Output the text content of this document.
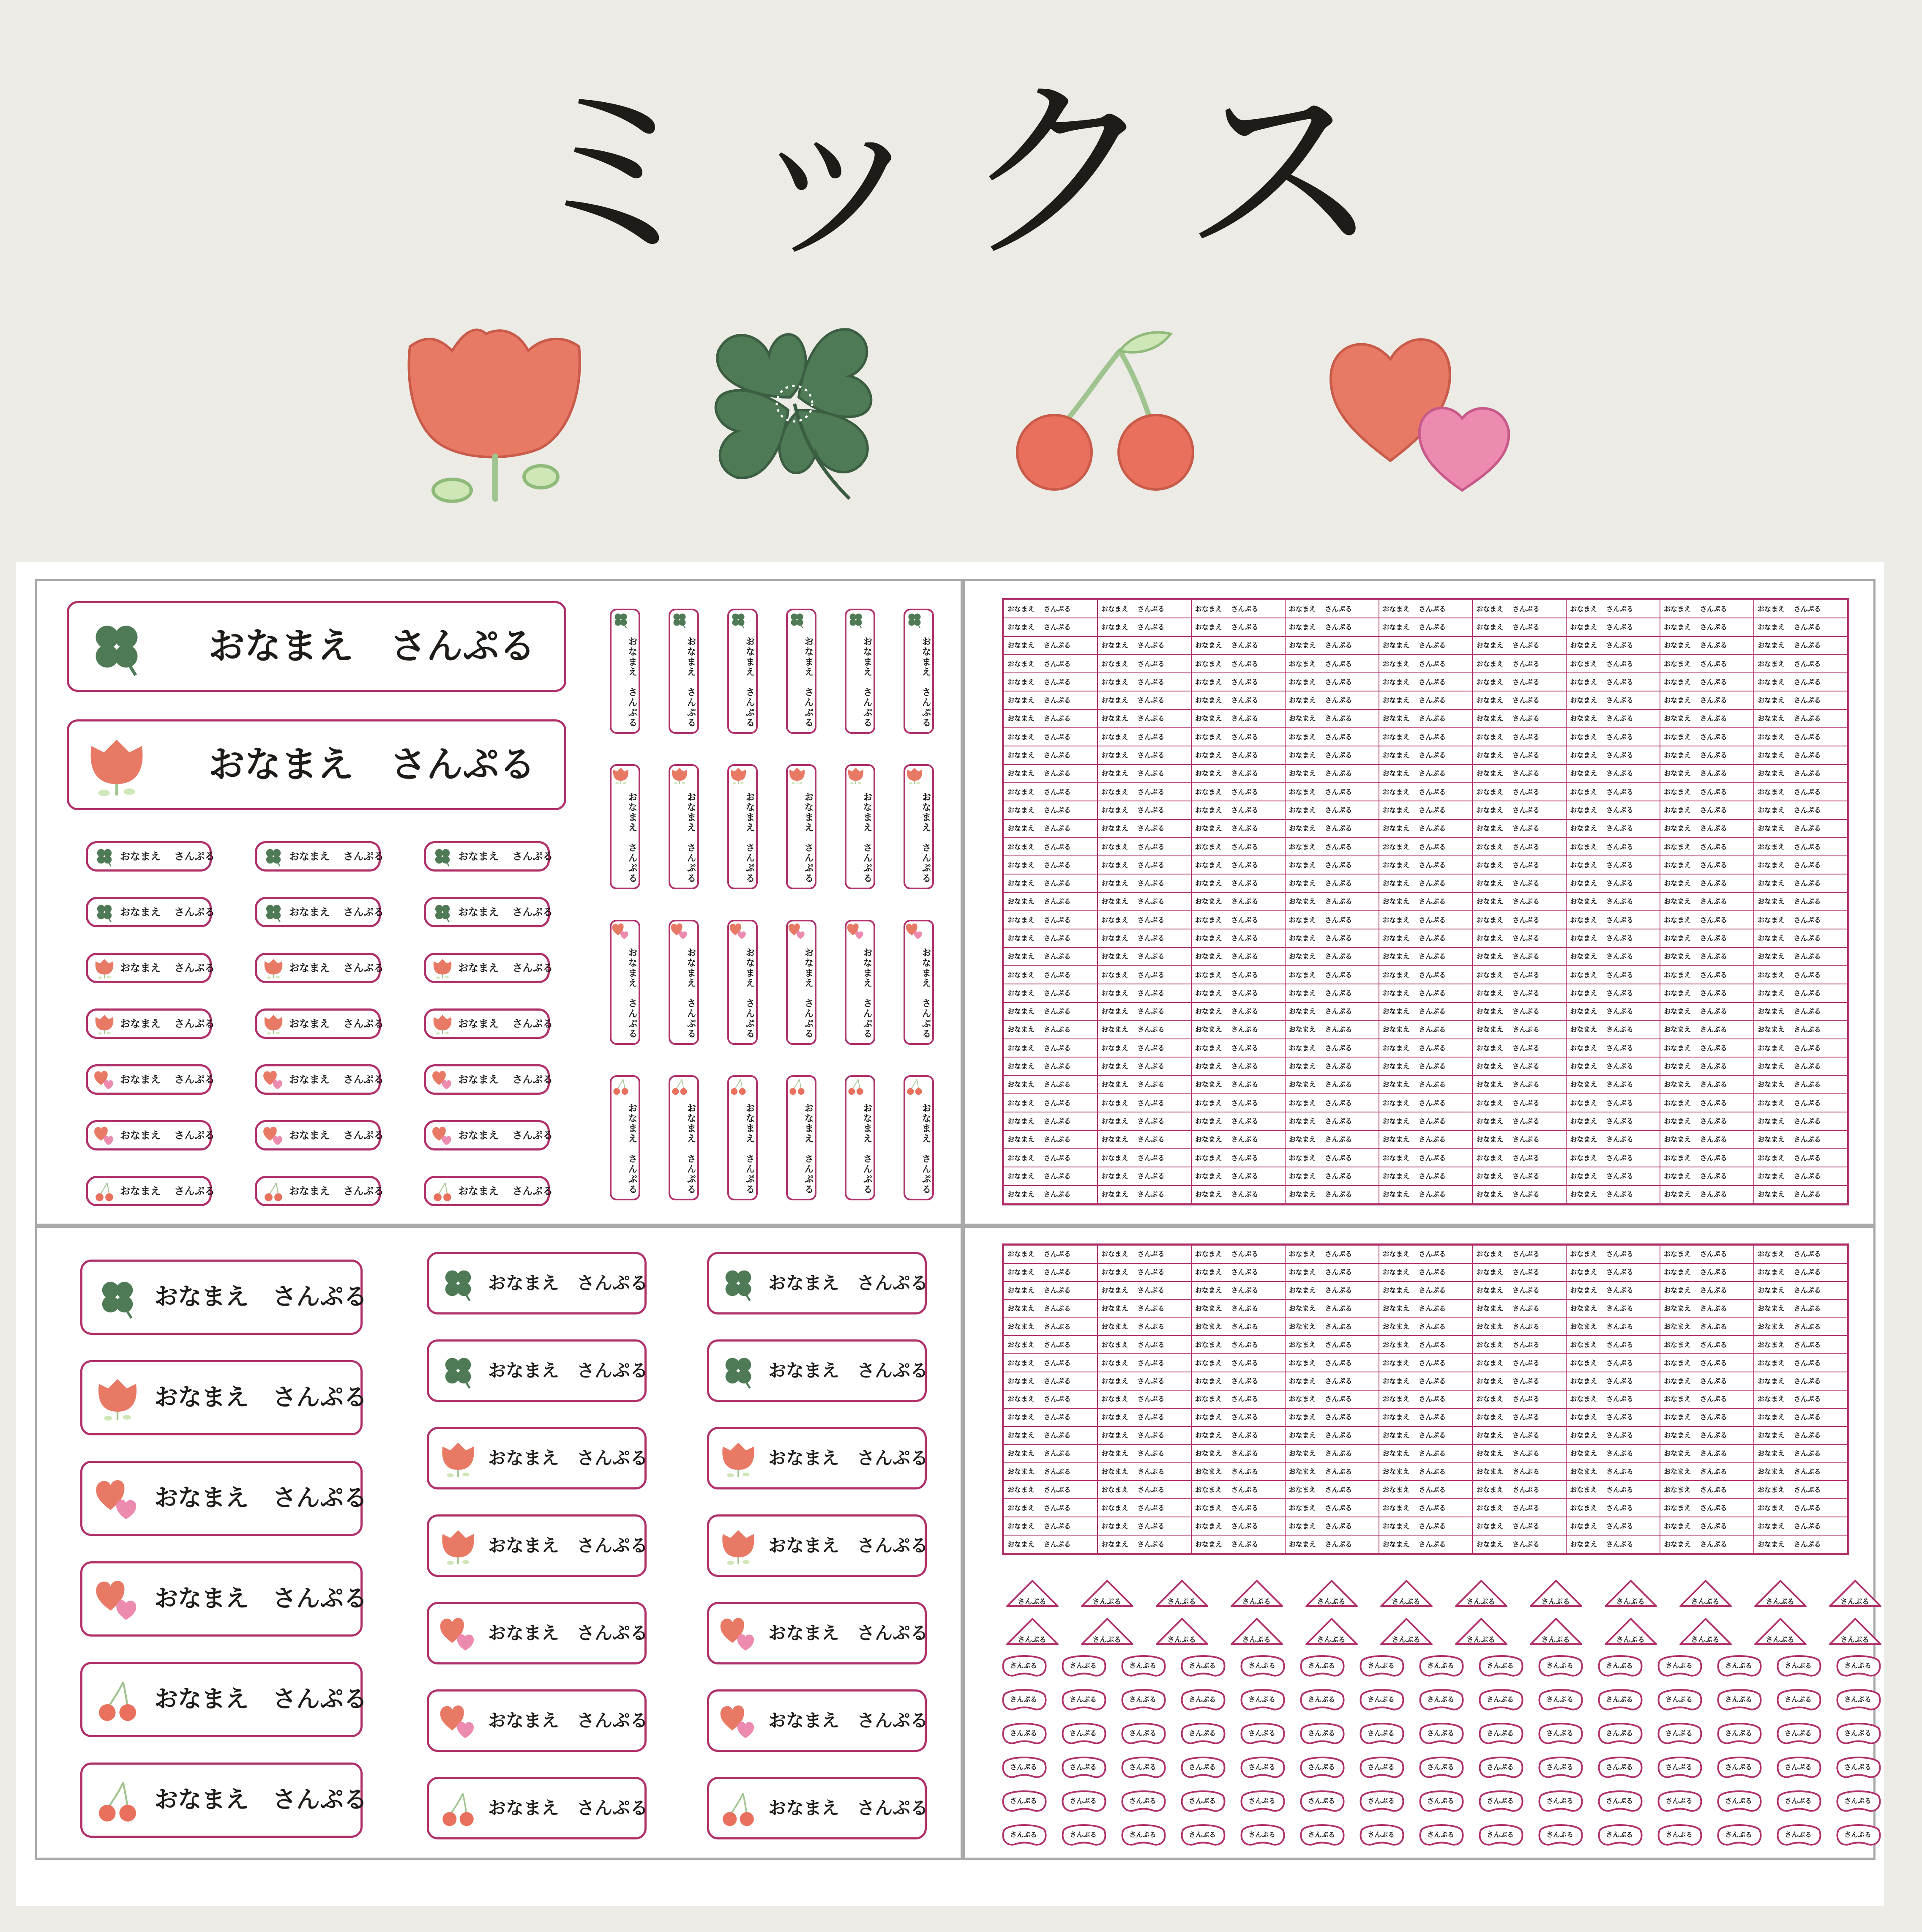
ミックス
おなまえ　さんぷる
おなまえ　さんぷる
おなまえ　 さんぷる	おなまえ　 さんぷる	おなまえ　 さんぷる
おなまえ　 さんぷる	おなまえ　 さんぷる	おなまえ　 さんぷる
おなまえ　 さんぷる	おなまえ　 さんぷる	おなまえ　 さんぷる
おなまえ　 さんぷる	おなまえ　 さんぷる	おなまえ　 さんぷる
おなまえ　 さんぷる	おなまえ　 さんぷる	おなまえ　 さんぷる
おなまえ　 さんぷる	おなまえ　 さんぷる	おなまえ　 さんぷる
おなまえ　 さんぷる	おなまえ　 さんぷる	おなまえ　 さんぷる
おなまえ　さんぷる	おなまえ　さんぷる	おなまえ　さんぷる	おなまえ　さんぷる	おなまえ　さんぷる	おなまえ　さんぷる
おなまえ　さんぷる	おなまえ　さんぷる	おなまえ　さんぷる	おなまえ　さんぷる	おなまえ　さんぷる	おなまえ　さんぷる
おなまえ　さんぷる	おなまえ　さんぷる	おなまえ　さんぷる	おなまえ　さんぷる	おなまえ　さんぷる	おなまえ　さんぷる
おなまえ　さんぷる	おなまえ　さんぷる	おなまえ　さんぷる	おなまえ　さんぷる	おなまえ　さんぷる	おなまえ　さんぷる
おなまえ　さんぷる
おなまえ　さんぷる
おなまえ　さんぷる
おなまえ　さんぷる
おなまえ　さんぷる
おなまえ　さんぷる
おなまえ　さんぷる	おなまえ　さんぷる
おなまえ　さんぷる	おなまえ　さんぷる
おなまえ　さんぷる	おなまえ　さんぷる
おなまえ　さんぷる	おなまえ　さんぷる
おなまえ　さんぷる	おなまえ　さんぷる
おなまえ　さんぷる	おなまえ　さんぷる
おなまえ　さんぷる	おなまえ　さんぷる
おなまえ　 さんぷる	おなまえ　 さんぷる	おなまえ　 さんぷる	おなまえ　 さんぷる	おなまえ　 さんぷる	おなまえ　 さんぷる	おなまえ　 さんぷる	おなまえ　 さんぷる	おなまえ　 さんぷる
おなまえ　 さんぷる	おなまえ　 さんぷる	おなまえ　 さんぷる	おなまえ　 さんぷる	おなまえ　 さんぷる	おなまえ　 さんぷる	おなまえ　 さんぷる	おなまえ　 さんぷる	おなまえ　 さんぷる
おなまえ　 さんぷる	おなまえ　 さんぷる	おなまえ　 さんぷる	おなまえ　 さんぷる	おなまえ　 さんぷる	おなまえ　 さんぷる	おなまえ　 さんぷる	おなまえ　 さんぷる	おなまえ　 さんぷる
おなまえ　 さんぷる	おなまえ　 さんぷる	おなまえ　 さんぷる	おなまえ　 さんぷる	おなまえ　 さんぷる	おなまえ　 さんぷる	おなまえ　 さんぷる	おなまえ　 さんぷる	おなまえ　 さんぷる
おなまえ　 さんぷる	おなまえ　 さんぷる	おなまえ　 さんぷる	おなまえ　 さんぷる	おなまえ　 さんぷる	おなまえ　 さんぷる	おなまえ　 さんぷる	おなまえ　 さんぷる	おなまえ　 さんぷる
おなまえ　 さんぷる	おなまえ　 さんぷる	おなまえ　 さんぷる	おなまえ　 さんぷる	おなまえ　 さんぷる	おなまえ　 さんぷる	おなまえ　 さんぷる	おなまえ　 さんぷる	おなまえ　 さんぷる
おなまえ　 さんぷる	おなまえ　 さんぷる	おなまえ　 さんぷる	おなまえ　 さんぷる	おなまえ　 さんぷる	おなまえ　 さんぷる	おなまえ　 さんぷる	おなまえ　 さんぷる	おなまえ　 さんぷる
おなまえ　 さんぷる	おなまえ　 さんぷる	おなまえ　 さんぷる	おなまえ　 さんぷる	おなまえ　 さんぷる	おなまえ　 さんぷる	おなまえ　 さんぷる	おなまえ　 さんぷる	おなまえ　 さんぷる
おなまえ　 さんぷる	おなまえ　 さんぷる	おなまえ　 さんぷる	おなまえ　 さんぷる	おなまえ　 さんぷる	おなまえ　 さんぷる	おなまえ　 さんぷる	おなまえ　 さんぷる	おなまえ　 さんぷる
おなまえ　 さんぷる	おなまえ　 さんぷる	おなまえ　 さんぷる	おなまえ　 さんぷる	おなまえ　 さんぷる	おなまえ　 さんぷる	おなまえ　 さんぷる	おなまえ　 さんぷる	おなまえ　 さんぷる
おなまえ　 さんぷる	おなまえ　 さんぷる	おなまえ　 さんぷる	おなまえ　 さんぷる	おなまえ　 さんぷる	おなまえ　 さんぷる	おなまえ　 さんぷる	おなまえ　 さんぷる	おなまえ　 さんぷる
おなまえ　 さんぷる	おなまえ　 さんぷる	おなまえ　 さんぷる	おなまえ　 さんぷる	おなまえ　 さんぷる	おなまえ　 さんぷる	おなまえ　 さんぷる	おなまえ　 さんぷる	おなまえ　 さんぷる
おなまえ　 さんぷる	おなまえ　 さんぷる	おなまえ　 さんぷる	おなまえ　 さんぷる	おなまえ　 さんぷる	おなまえ　 さんぷる	おなまえ　 さんぷる	おなまえ　 さんぷる	おなまえ　 さんぷる
おなまえ　 さんぷる	おなまえ　 さんぷる	おなまえ　 さんぷる	おなまえ　 さんぷる	おなまえ　 さんぷる	おなまえ　 さんぷる	おなまえ　 さんぷる	おなまえ　 さんぷる	おなまえ　 さんぷる
おなまえ　 さんぷる	おなまえ　 さんぷる	おなまえ　 さんぷる	おなまえ　 さんぷる	おなまえ　 さんぷる	おなまえ　 さんぷる	おなまえ　 さんぷる	おなまえ　 さんぷる	おなまえ　 さんぷる
おなまえ　 さんぷる	おなまえ　 さんぷる	おなまえ　 さんぷる	おなまえ　 さんぷる	おなまえ　 さんぷる	おなまえ　 さんぷる	おなまえ　 さんぷる	おなまえ　 さんぷる	おなまえ　 さんぷる
おなまえ　 さんぷる	おなまえ　 さんぷる	おなまえ　 さんぷる	おなまえ　 さんぷる	おなまえ　 さんぷる	おなまえ　 さんぷる	おなまえ　 さんぷる	おなまえ　 さんぷる	おなまえ　 さんぷる
おなまえ　 さんぷる	おなまえ　 さんぷる	おなまえ　 さんぷる	おなまえ　 さんぷる	おなまえ　 さんぷる	おなまえ　 さんぷる	おなまえ　 さんぷる	おなまえ　 さんぷる	おなまえ　 さんぷる
おなまえ　 さんぷる	おなまえ　 さんぷる	おなまえ　 さんぷる	おなまえ　 さんぷる	おなまえ　 さんぷる	おなまえ　 さんぷる	おなまえ　 さんぷる	おなまえ　 さんぷる	おなまえ　 さんぷる
おなまえ　 さんぷる	おなまえ　 さんぷる	おなまえ　 さんぷる	おなまえ　 さんぷる	おなまえ　 さんぷる	おなまえ　 さんぷる	おなまえ　 さんぷる	おなまえ　 さんぷる	おなまえ　 さんぷる
おなまえ　 さんぷる	おなまえ　 さんぷる	おなまえ　 さんぷる	おなまえ　 さんぷる	おなまえ　 さんぷる	おなまえ　 さんぷる	おなまえ　 さんぷる	おなまえ　 さんぷる	おなまえ　 さんぷる
おなまえ　 さんぷる	おなまえ　 さんぷる	おなまえ　 さんぷる	おなまえ　 さんぷる	おなまえ　 さんぷる	おなまえ　 さんぷる	おなまえ　 さんぷる	おなまえ　 さんぷる	おなまえ　 さんぷる
おなまえ　 さんぷる	おなまえ　 さんぷる	おなまえ　 さんぷる	おなまえ　 さんぷる	おなまえ　 さんぷる	おなまえ　 さんぷる	おなまえ　 さんぷる	おなまえ　 さんぷる	おなまえ　 さんぷる
おなまえ　 さんぷる	おなまえ　 さんぷる	おなまえ　 さんぷる	おなまえ　 さんぷる	おなまえ　 さんぷる	おなまえ　 さんぷる	おなまえ　 さんぷる	おなまえ　 さんぷる	おなまえ　 さんぷる
おなまえ　 さんぷる	おなまえ　 さんぷる	おなまえ　 さんぷる	おなまえ　 さんぷる	おなまえ　 さんぷる	おなまえ　 さんぷる	おなまえ　 さんぷる	おなまえ　 さんぷる	おなまえ　 さんぷる
おなまえ　 さんぷる	おなまえ　 さんぷる	おなまえ　 さんぷる	おなまえ　 さんぷる	おなまえ　 さんぷる	おなまえ　 さんぷる	おなまえ　 さんぷる	おなまえ　 さんぷる	おなまえ　 さんぷる
おなまえ　 さんぷる	おなまえ　 さんぷる	おなまえ　 さんぷる	おなまえ　 さんぷる	おなまえ　 さんぷる	おなまえ　 さんぷる	おなまえ　 さんぷる	おなまえ　 さんぷる	おなまえ　 さんぷる
おなまえ　 さんぷる	おなまえ　 さんぷる	おなまえ　 さんぷる	おなまえ　 さんぷる	おなまえ　 さんぷる	おなまえ　 さんぷる	おなまえ　 さんぷる	おなまえ　 さんぷる	おなまえ　 さんぷる
おなまえ　 さんぷる	おなまえ　 さんぷる	おなまえ　 さんぷる	おなまえ　 さんぷる	おなまえ　 さんぷる	おなまえ　 さんぷる	おなまえ　 さんぷる	おなまえ　 さんぷる	おなまえ　 さんぷる
おなまえ　 さんぷる	おなまえ　 さんぷる	おなまえ　 さんぷる	おなまえ　 さんぷる	おなまえ　 さんぷる	おなまえ　 さんぷる	おなまえ　 さんぷる	おなまえ　 さんぷる	おなまえ　 さんぷる
おなまえ　 さんぷる	おなまえ　 さんぷる	おなまえ　 さんぷる	おなまえ　 さんぷる	おなまえ　 さんぷる	おなまえ　 さんぷる	おなまえ　 さんぷる	おなまえ　 さんぷる	おなまえ　 さんぷる
おなまえ　 さんぷる	おなまえ　 さんぷる	おなまえ　 さんぷる	おなまえ　 さんぷる	おなまえ　 さんぷる	おなまえ　 さんぷる	おなまえ　 さんぷる	おなまえ　 さんぷる	おなまえ　 さんぷる
おなまえ　 さんぷる	おなまえ　 さんぷる	おなまえ　 さんぷる	おなまえ　 さんぷる	おなまえ　 さんぷる	おなまえ　 さんぷる	おなまえ　 さんぷる	おなまえ　 さんぷる	おなまえ　 さんぷる
おなまえ　 さんぷる	おなまえ　 さんぷる	おなまえ　 さんぷる	おなまえ　 さんぷる	おなまえ　 さんぷる	おなまえ　 さんぷる	おなまえ　 さんぷる	おなまえ　 さんぷる	おなまえ　 さんぷる
おなまえ　 さんぷる	おなまえ　 さんぷる	おなまえ　 さんぷる	おなまえ　 さんぷる	おなまえ　 さんぷる	おなまえ　 さんぷる	おなまえ　 さんぷる	おなまえ　 さんぷる	おなまえ　 さんぷる
おなまえ　 さんぷる	おなまえ　 さんぷる	おなまえ　 さんぷる	おなまえ　 さんぷる	おなまえ　 さんぷる	おなまえ　 さんぷる	おなまえ　 さんぷる	おなまえ　 さんぷる	おなまえ　 さんぷる
おなまえ　 さんぷる	おなまえ　 さんぷる	おなまえ　 さんぷる	おなまえ　 さんぷる	おなまえ　 さんぷる	おなまえ　 さんぷる	おなまえ　 さんぷる	おなまえ　 さんぷる	おなまえ　 さんぷる
おなまえ　 さんぷる	おなまえ　 さんぷる	おなまえ　 さんぷる	おなまえ　 さんぷる	おなまえ　 さんぷる	おなまえ　 さんぷる	おなまえ　 さんぷる	おなまえ　 さんぷる	おなまえ　 さんぷる
おなまえ　 さんぷる	おなまえ　 さんぷる	おなまえ　 さんぷる	おなまえ　 さんぷる	おなまえ　 さんぷる	おなまえ　 さんぷる	おなまえ　 さんぷる	おなまえ　 さんぷる	おなまえ　 さんぷる
おなまえ　 さんぷる	おなまえ　 さんぷる	おなまえ　 さんぷる	おなまえ　 さんぷる	おなまえ　 さんぷる	おなまえ　 さんぷる	おなまえ　 さんぷる	おなまえ　 さんぷる	おなまえ　 さんぷる
おなまえ　 さんぷる	おなまえ　 さんぷる	おなまえ　 さんぷる	おなまえ　 さんぷる	おなまえ　 さんぷる	おなまえ　 さんぷる	おなまえ　 さんぷる	おなまえ　 さんぷる	おなまえ　 さんぷる
おなまえ　 さんぷる	おなまえ　 さんぷる	おなまえ　 さんぷる	おなまえ　 さんぷる	おなまえ　 さんぷる	おなまえ　 さんぷる	おなまえ　 さんぷる	おなまえ　 さんぷる	おなまえ　 さんぷる
おなまえ　 さんぷる	おなまえ　 さんぷる	おなまえ　 さんぷる	おなまえ　 さんぷる	おなまえ　 さんぷる	おなまえ　 さんぷる	おなまえ　 さんぷる	おなまえ　 さんぷる	おなまえ　 さんぷる
おなまえ　 さんぷる	おなまえ　 さんぷる	おなまえ　 さんぷる	おなまえ　 さんぷる	おなまえ　 さんぷる	おなまえ　 さんぷる	おなまえ　 さんぷる	おなまえ　 さんぷる	おなまえ　 さんぷる
おなまえ　 さんぷる	おなまえ　 さんぷる	おなまえ　 さんぷる	おなまえ　 さんぷる	おなまえ　 さんぷる	おなまえ　 さんぷる	おなまえ　 さんぷる	おなまえ　 さんぷる	おなまえ　 さんぷる
おなまえ　 さんぷる	おなまえ　 さんぷる	おなまえ　 さんぷる	おなまえ　 さんぷる	おなまえ　 さんぷる	おなまえ　 さんぷる	おなまえ　 さんぷる	おなまえ　 さんぷる	おなまえ　 さんぷる
おなまえ　 さんぷる	おなまえ　 さんぷる	おなまえ　 さんぷる	おなまえ　 さんぷる	おなまえ　 さんぷる	おなまえ　 さんぷる	おなまえ　 さんぷる	おなまえ　 さんぷる	おなまえ　 さんぷる
おなまえ　 さんぷる	おなまえ　 さんぷる	おなまえ　 さんぷる	おなまえ　 さんぷる	おなまえ　 さんぷる	おなまえ　 さんぷる	おなまえ　 さんぷる	おなまえ　 さんぷる	おなまえ　 さんぷる
おなまえ　 さんぷる	おなまえ　 さんぷる	おなまえ　 さんぷる	おなまえ　 さんぷる	おなまえ　 さんぷる	おなまえ　 さんぷる	おなまえ　 さんぷる	おなまえ　 さんぷる	おなまえ　 さんぷる
おなまえ　 さんぷる	おなまえ　 さんぷる	おなまえ　 さんぷる	おなまえ　 さんぷる	おなまえ　 さんぷる	おなまえ　 さんぷる	おなまえ　 さんぷる	おなまえ　 さんぷる	おなまえ　 さんぷる
さんぷる	さんぷる	さんぷる	さんぷる	さんぷる	さんぷる	さんぷる	さんぷる	さんぷる	さんぷる	さんぷる	さんぷる
さんぷる	さんぷる	さんぷる	さんぷる	さんぷる	さんぷる	さんぷる	さんぷる	さんぷる	さんぷる	さんぷる	さんぷる
さんぷる	さんぷる	さんぷる	さんぷる	さんぷる	さんぷる	さんぷる	さんぷる	さんぷる	さんぷる	さんぷる	さんぷる	さんぷる	さんぷる	さんぷる
さんぷる	さんぷる	さんぷる	さんぷる	さんぷる	さんぷる	さんぷる	さんぷる	さんぷる	さんぷる	さんぷる	さんぷる	さんぷる	さんぷる	さんぷる
さんぷる	さんぷる	さんぷる	さんぷる	さんぷる	さんぷる	さんぷる	さんぷる	さんぷる	さんぷる	さんぷる	さんぷる	さんぷる	さんぷる	さんぷる
さんぷる	さんぷる	さんぷる	さんぷる	さんぷる	さんぷる	さんぷる	さんぷる	さんぷる	さんぷる	さんぷる	さんぷる	さんぷる	さんぷる	さんぷる
さんぷる	さんぷる	さんぷる	さんぷる	さんぷる	さんぷる	さんぷる	さんぷる	さんぷる	さんぷる	さんぷる	さんぷる	さんぷる	さんぷる	さんぷる
さんぷる	さんぷる	さんぷる	さんぷる	さんぷる	さんぷる	さんぷる	さんぷる	さんぷる	さんぷる	さんぷる	さんぷる	さんぷる	さんぷる	さんぷる
